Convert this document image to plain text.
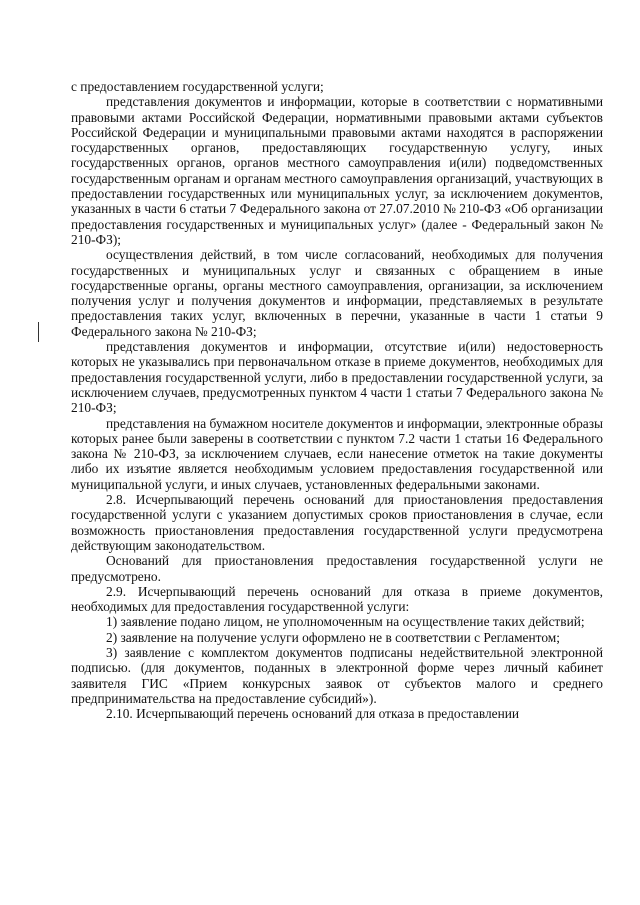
с предоставлением государственной услуги;

представления документов и информации, которые в соответствии с нормативными правовыми актами Российской Федерации, нормативными правовыми актами субъектов Российской Федерации и муниципальными правовыми актами находятся в распоряжении государственных органов, предоставляющих государственную услугу, иных государственных органов, органов местного самоуправления и(или) подведомственных государственным органам и органам местного самоуправления организаций, участвующих в предоставлении государственных или муниципальных услуг, за исключением документов, указанных в части 6 статьи 7 Федерального закона от 27.07.2010 № 210-ФЗ «Об организации предоставления государственных и муниципальных услуг» (далее - Федеральный закон № 210-ФЗ);

осуществления действий, в том числе согласований, необходимых для получения государственных и муниципальных услуг и связанных с обращением в иные государственные органы, органы местного самоуправления, организации, за исключением получения услуг и получения документов и информации, представляемых в результате предоставления таких услуг, включенных в перечни, указанные в части 1 статьи 9 Федерального закона № 210-ФЗ;

представления документов и информации, отсутствие и(или) недостоверность которых не указывались при первоначальном отказе в приеме документов, необходимых для предоставления государственной услуги, либо в предоставлении государственной услуги, за исключением случаев, предусмотренных пунктом 4 части 1 статьи 7 Федерального закона № 210-ФЗ;

представления на бумажном носителе документов и информации, электронные образы которых ранее были заверены в соответствии с пунктом 7.2 части 1 статьи 16 Федерального закона № 210-ФЗ, за исключением случаев, если нанесение отметок на такие документы либо их изъятие является необходимым условием предоставления государственной или муниципальной услуги, и иных случаев, установленных федеральными законами.

2.8. Исчерпывающий перечень оснований для приостановления предоставления государственной услуги с указанием допустимых сроков приостановления в случае, если возможность приостановления предоставления государственной услуги предусмотрена действующим законодательством.

Оснований для приостановления предоставления государственной услуги не предусмотрено.

2.9. Исчерпывающий перечень оснований для отказа в приеме документов, необходимых для предоставления государственной услуги:

1) заявление подано лицом, не уполномоченным на осуществление таких действий;

2) заявление на получение услуги оформлено не в соответствии с Регламентом;

3) заявление с комплектом документов подписаны недействительной электронной подписью. (для документов, поданных в электронной форме через личный кабинет заявителя ГИС «Прием конкурсных заявок от субъектов малого и среднего предпринимательства на предоставление субсидий»).

2.10. Исчерпывающий перечень оснований для отказа в предоставлении
